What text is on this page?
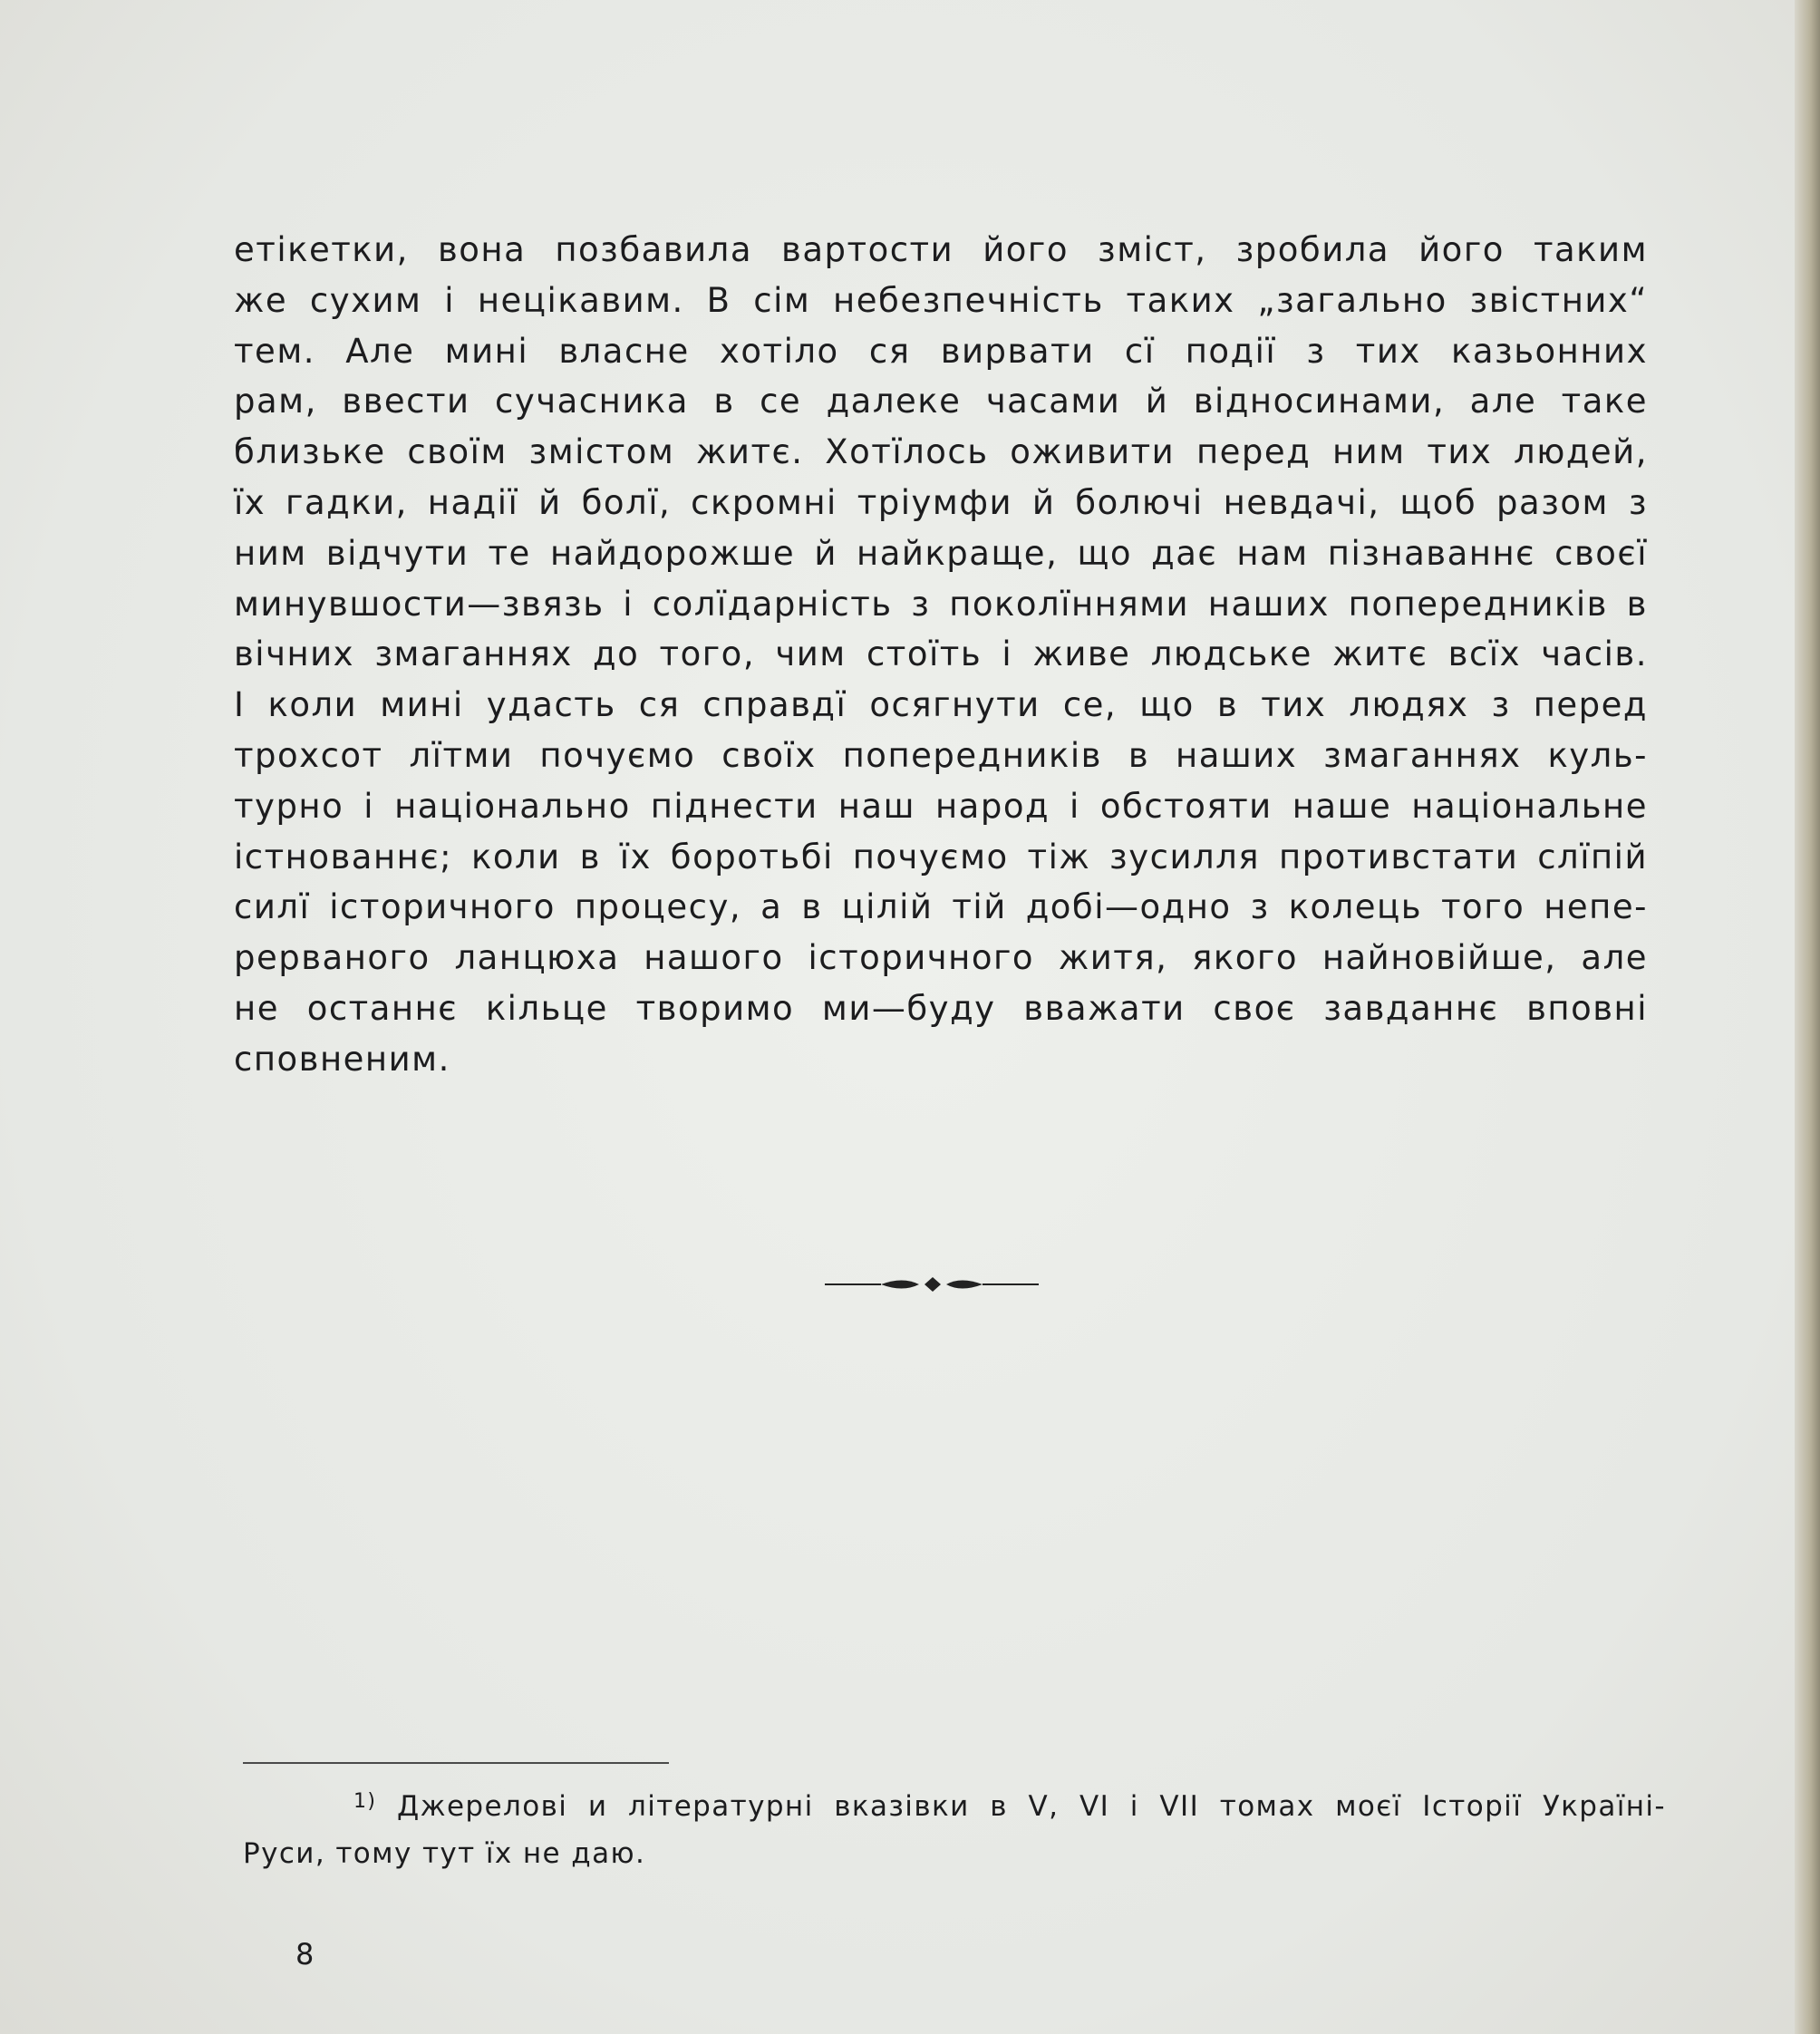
етікетки, вона позбавила вартости його зміст, зробила його таким
же сухим і нецікавим. В сім небезпечність таких „загально звістних“
тем. Але мині власне хотіло ся вирвати сї події з тих казьонних
рам, ввести сучасника в се далеке часами й відносинами, але таке
близьке своїм змістом житє. Хотїлось оживити перед ним тих людей,
їх гадки, надії й болї, скромні тріумфи й болючі невдачі, щоб разом з
ним відчути те найдорожше й найкраще, що дає нам пізнаваннє своєї
минувшости—звязь і солїдарність з поколїннями наших попередників в
вічних змаганнях до того, чим стоїть і живе людське житє всїх часів.
І коли мині удасть ся справдї осягнути се, що в тих людях з перед
трохсот лїтми почуємо своїх попередників в наших змаганнях куль-
турно і національно піднести наш народ і обстояти наше національне
істнованнє; коли в їх боротьбі почуємо тіж зусилля противстати слїпій
силї історичного процесу, а в цілій тій добі—одно з колець того непе-
рерваного ланцюха нашого історичного житя, якого найновійше, але
не останнє кільце творимо ми—буду вважати своє завданнє вповні
сповненим.
$^{1)}$ Джерелові и літературні вказівки в V, VI і VII томах моєї Історії Україні-
Руси, тому тут їх не даю.
8
